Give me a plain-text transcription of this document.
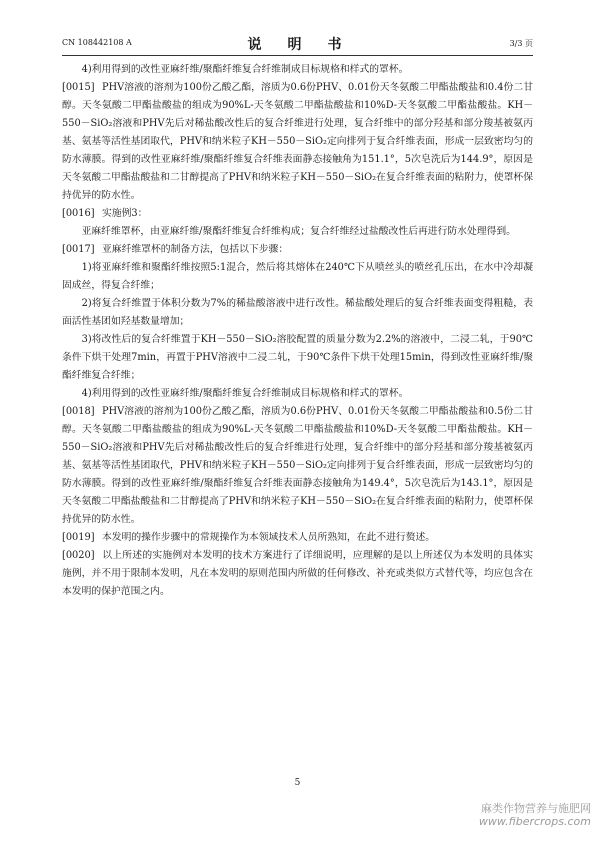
CN 108442108 A	说　明　书	3/3 页

4)利用得到的改性亚麻纤维/聚酯纤维复合纤维制成目标规格和样式的罩杯。

[0015] PHV溶液的溶剂为100份乙酸乙酯，溶质为0.6份PHV、0.01份天冬氨酸二甲酯盐酸盐和0.4份二甘醇。天冬氨酸二甲酯盐酸盐的组成为90%L-天冬氨酸二甲酯盐酸盐和10%D-天冬氨酸二甲酯盐酸盐。KH－550－SiO₂溶液和PHV先后对稀盐酸改性后的复合纤维进行处理，复合纤维中的部分羟基和部分羧基被氨丙基、氨基等活性基团取代，PHV和纳米粒子KH－550－SiO₂定向排列于复合纤维表面，形成一层致密均匀的防水薄膜。得到的改性亚麻纤维/聚酯纤维复合纤维表面静态接触角为151.1°，5次皂洗后为144.9°，原因是天冬氨酸二甲酯盐酸盐和二甘醇提高了PHV和纳米粒子KH－550－SiO₂在复合纤维表面的粘附力，使罩杯保持优异的防水性。

[0016] 实施例3：

亚麻纤维罩杯，由亚麻纤维/聚酯纤维复合纤维构成；复合纤维经过盐酸改性后再进行防水处理得到。

[0017] 亚麻纤维罩杯的制备方法，包括以下步骤：

1)将亚麻纤维和聚酯纤维按照5:1混合，然后将其熔体在240℃下从喷丝头的喷丝孔压出，在水中冷却凝固成丝，得复合纤维；

2)将复合纤维置于体积分数为7%的稀盐酸溶液中进行改性。稀盐酸处理后的复合纤维表面变得粗糙，表面活性基团如羟基数量增加；

3)将改性后的复合纤维置于KH－550－SiO₂溶胶配置的质量分数为2.2%的溶液中，二浸二轧，于90℃条件下烘干处理7min，再置于PHV溶液中二浸二轧，于90℃条件下烘干处理15min，得到改性亚麻纤维/聚酯纤维复合纤维；

4)利用得到的改性亚麻纤维/聚酯纤维复合纤维制成目标规格和样式的罩杯。

[0018] PHV溶液的溶剂为100份乙酸乙酯，溶质为0.6份PHV、0.01份天冬氨酸二甲酯盐酸盐和0.5份二甘醇。天冬氨酸二甲酯盐酸盐的组成为90%L-天冬氨酸二甲酯盐酸盐和10%D-天冬氨酸二甲酯盐酸盐。KH－550－SiO₂溶液和PHV先后对稀盐酸改性后的复合纤维进行处理，复合纤维中的部分羟基和部分羧基被氨丙基、氨基等活性基团取代，PHV和纳米粒子KH－550－SiO₂定向排列于复合纤维表面，形成一层致密均匀的防水薄膜。得到的改性亚麻纤维/聚酯纤维复合纤维表面静态接触角为149.4°，5次皂洗后为143.1°，原因是天冬氨酸二甲酯盐酸盐和二甘醇提高了PHV和纳米粒子KH－550－SiO₂在复合纤维表面的粘附力，使罩杯保持优异的防水性。

[0019] 本发明的操作步骤中的常规操作为本领域技术人员所熟知，在此不进行赘述。

[0020] 以上所述的实施例对本发明的技术方案进行了详细说明，应理解的是以上所述仅为本发明的具体实施例，并不用于限制本发明，凡在本发明的原则范围内所做的任何修改、补充或类似方式替代等，均应包含在本发明的保护范围之内。

5
麻类作物营养与施肥网
www.fibercrops.com
